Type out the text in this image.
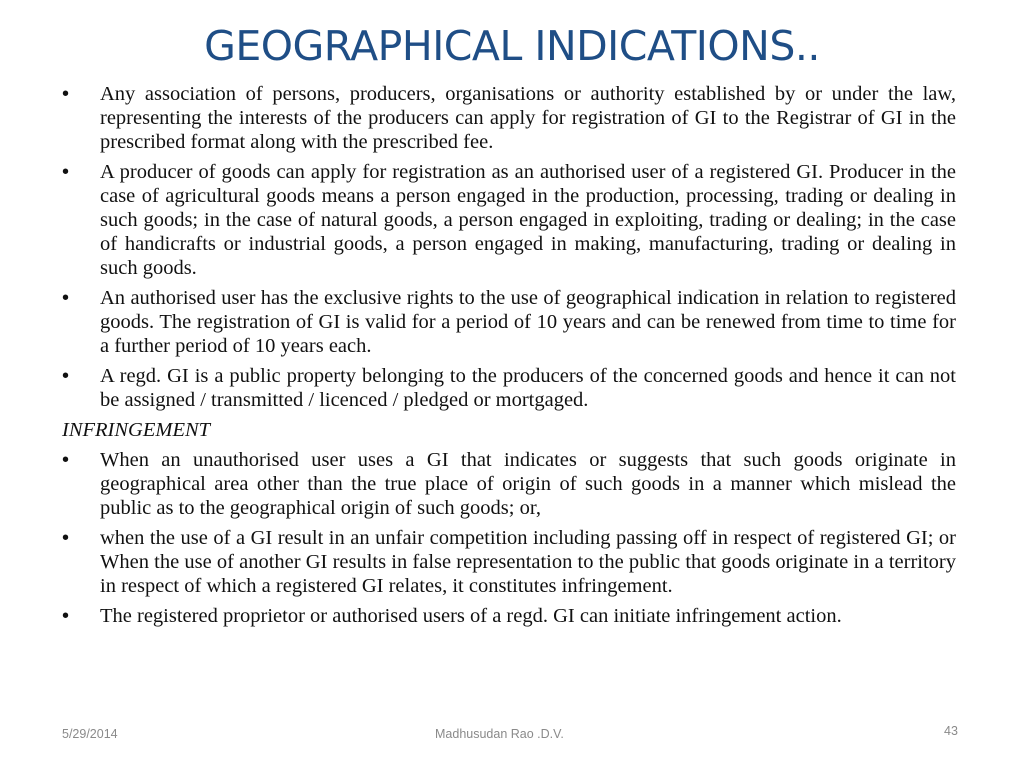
GEOGRAPHICAL INDICATIONS..
• Any association of persons, producers, organisations or authority established by or under the law, representing the interests of the producers can apply for registration of GI to the Registrar of GI in the prescribed format along with the prescribed fee.
• A producer of goods can apply for registration as an authorised user of a registered GI. Producer in the case of agricultural goods means a person engaged in the production, processing, trading or dealing in such goods; in the case of natural goods, a person engaged in exploiting, trading or dealing; in the case of handicrafts or industrial goods, a person engaged in making, manufacturing, trading or dealing in such goods.
• An authorised user has the exclusive rights to the use of geographical indication in relation to registered goods. The registration of GI is valid for a period of 10 years and can be renewed from time to time for a further period of 10 years each.
• A regd. GI is a public property belonging to the producers of the concerned goods and hence it can not be assigned / transmitted / licenced / pledged or mortgaged.
INFRINGEMENT
• When an unauthorised user uses a GI that indicates or suggests that such goods originate in geographical area other than the true place of origin of such goods in a manner which mislead the public as to the geographical origin of such goods; or,
• when the use of a GI result in an unfair competition including passing off in respect of registered GI; or When the use of another GI results in false representation to the public that goods originate in a territory in respect of which a registered GI relates, it constitutes infringement.
• The registered proprietor or authorised users of a regd. GI can initiate infringement action.
5/29/2014	Madhusudan Rao .D.V.	43
